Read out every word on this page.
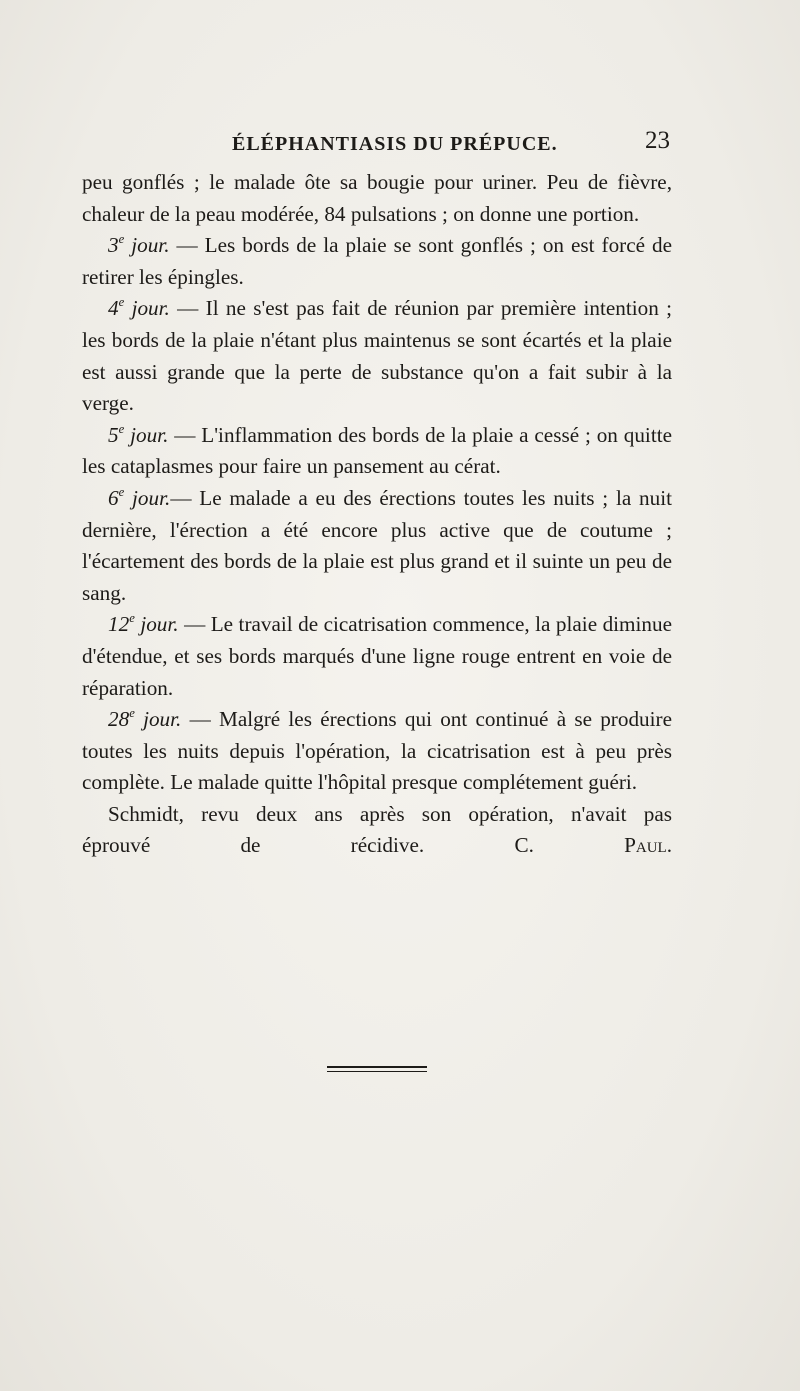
ÉLÉPHANTIASIS DU PRÉPUCE.	23

peu gonflés ; le malade ôte sa bougie pour uriner. Peu de fièvre, chaleur de la peau modérée, 84 pulsations ; on donne une portion.

3e jour. — Les bords de la plaie se sont gonflés ; on est forcé de retirer les épingles.

4e jour. — Il ne s'est pas fait de réunion par première intention ; les bords de la plaie n'étant plus maintenus se sont écartés et la plaie est aussi grande que la perte de substance qu'on a fait subir à la verge.

5e jour. — L'inflammation des bords de la plaie a cessé ; on quitte les cataplasmes pour faire un pansement au cérat.

6e jour.— Le malade a eu des érections toutes les nuits ; la nuit dernière, l'érection a été encore plus active que de coutume ; l'écartement des bords de la plaie est plus grand et il suinte un peu de sang.

12e jour. — Le travail de cicatrisation commence, la plaie diminue d'étendue, et ses bords marqués d'une ligne rouge entrent en voie de réparation.

28e jour. — Malgré les érections qui ont continué à se produire toutes les nuits depuis l'opération, la cicatrisation est à peu près complète. Le malade quitte l'hôpital presque complétement guéri.

Schmidt, revu deux ans après son opération, n'avait pas

éprouvé de récidive.	C. Paul.
